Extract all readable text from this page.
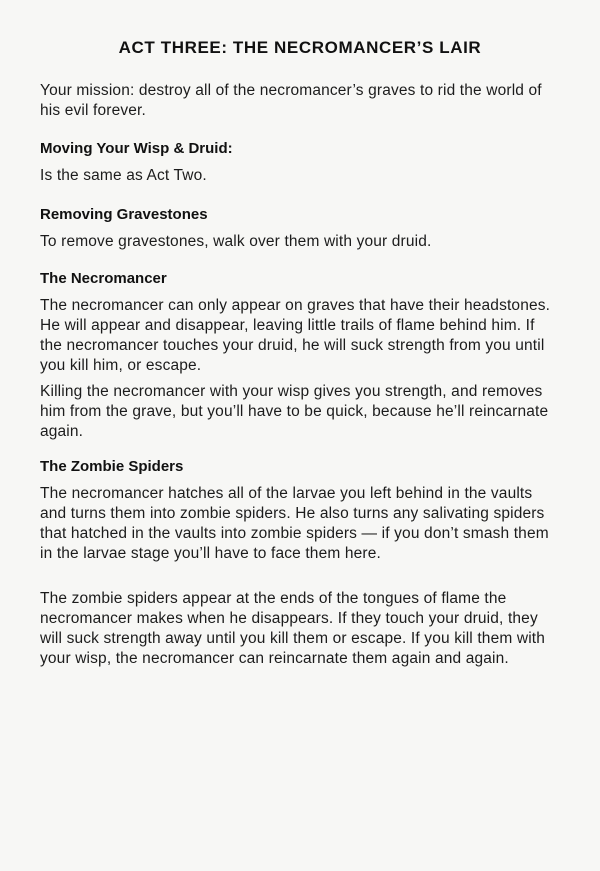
ACT THREE: THE NECROMANCER’S LAIR
Your mission: destroy all of the necromancer’s graves to rid the world of his evil forever.
Moving Your Wisp & Druid:
Is the same as Act Two.
Removing Gravestones
To remove gravestones, walk over them with your druid.
The Necromancer
The necromancer can only appear on graves that have their headstones. He will appear and disappear, leaving little trails of flame behind him. If the necromancer touches your druid, he will suck strength from you until you kill him, or escape.
Killing the necromancer with your wisp gives you strength, and removes him from the grave, but you’ll have to be quick, because he’ll reincarnate again.
The Zombie Spiders
The necromancer hatches all of the larvae you left behind in the vaults and turns them into zombie spiders. He also turns any salivating spiders that hatched in the vaults into zombie spiders — if you don’t smash them in the larvae stage you’ll have to face them here.
The zombie spiders appear at the ends of the tongues of flame the necromancer makes when he disappears. If they touch your druid, they will suck strength away until you kill them or escape. If you kill them with your wisp, the necromancer can reincarnate them again and again.
